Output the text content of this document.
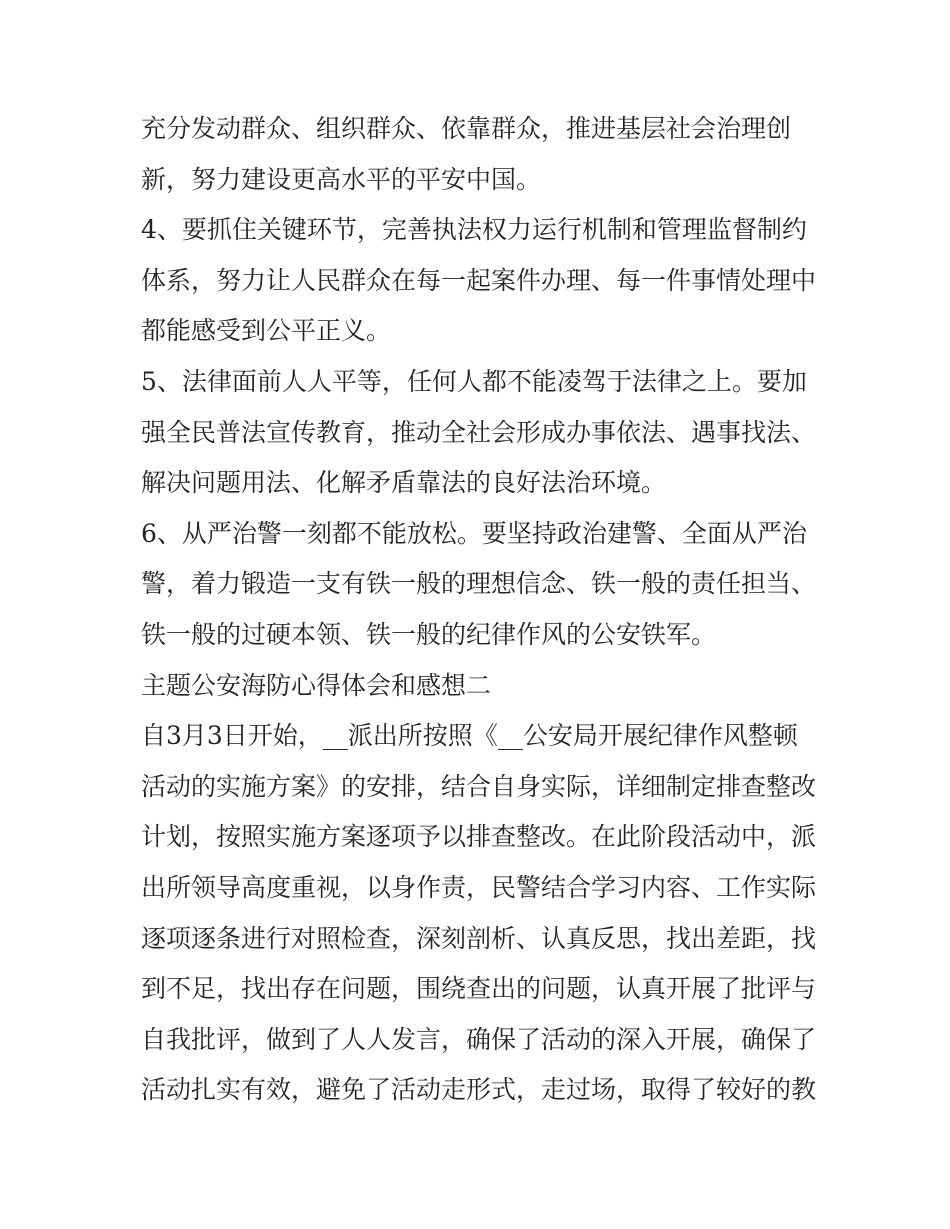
充分发动群众、组织群众、依靠群众，推进基层社会治理创
新，努力建设更高水平的平安中国。
4、要抓住关键环节，完善执法权力运行机制和管理监督制约
体系，努力让人民群众在每一起案件办理、每一件事情处理中
都能感受到公平正义。
5、法律面前人人平等，任何人都不能凌驾于法律之上。要加
强全民普法宣传教育，推动全社会形成办事依法、遇事找法、
解决问题用法、化解矛盾靠法的良好法治环境。
6、从严治警一刻都不能放松。要坚持政治建警、全面从严治
警，着力锻造一支有铁一般的理想信念、铁一般的责任担当、
铁一般的过硬本领、铁一般的纪律作风的公安铁军。
主题公安海防心得体会和感想二
自3月3日开始，__派出所按照《__公安局开展纪律作风整顿
活动的实施方案》的安排，结合自身实际，详细制定排查整改
计划，按照实施方案逐项予以排查整改。在此阶段活动中，派
出所领导高度重视，以身作责，民警结合学习内容、工作实际
逐项逐条进行对照检查，深刻剖析、认真反思，找出差距，找
到不足，找出存在问题，围绕查出的问题，认真开展了批评与
自我批评，做到了人人发言，确保了活动的深入开展，确保了
活动扎实有效，避免了活动走形式，走过场，取得了较好的教
